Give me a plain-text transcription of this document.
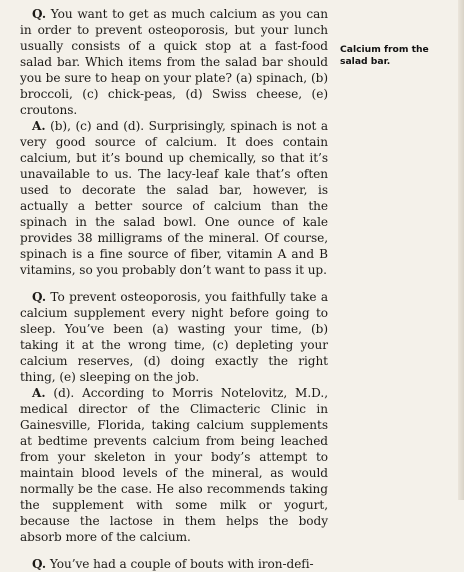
Q. You want to get as much calcium as you can in order to prevent osteoporosis, but your lunch usually consists of a quick stop at a fast-food salad bar. Which items from the salad bar should you be sure to heap on your plate? (a) spinach, (b) broccoli, (c) chick-peas, (d) Swiss cheese, (e) croutons.

A. (b), (c) and (d). Surprisingly, spinach is not a very good source of calcium. It does contain calcium, but it’s bound up chemically, so that it’s unavailable to us. The lacy-leaf kale that’s often used to decorate the salad bar, however, is actually a better source of calcium than the spinach in the salad bowl. One ounce of kale provides 38 milligrams of the mineral. Of course, spinach is a fine source of fiber, vitamin A and B vitamins, so you probably don’t want to pass it up.

Q. To prevent osteoporosis, you faithfully take a calcium supplement every night before going to sleep. You’ve been (a) wasting your time, (b) taking it at the wrong time, (c) depleting your calcium reserves, (d) doing exactly the right thing, (e) sleeping on the job.

A. (d). According to Morris Notelovitz, M.D., medical director of the Climacteric Clinic in Gainesville, Florida, taking calcium supplements at bedtime prevents calcium from being leached from your skeleton in your body’s attempt to maintain blood levels of the mineral, as would normally be the case. He also recommends taking the supplement with some milk or yogurt, because the lactose in them helps the body absorb more of the calcium.

Q. You’ve had a couple of bouts with iron-defi-

Calcium from the salad bar.
